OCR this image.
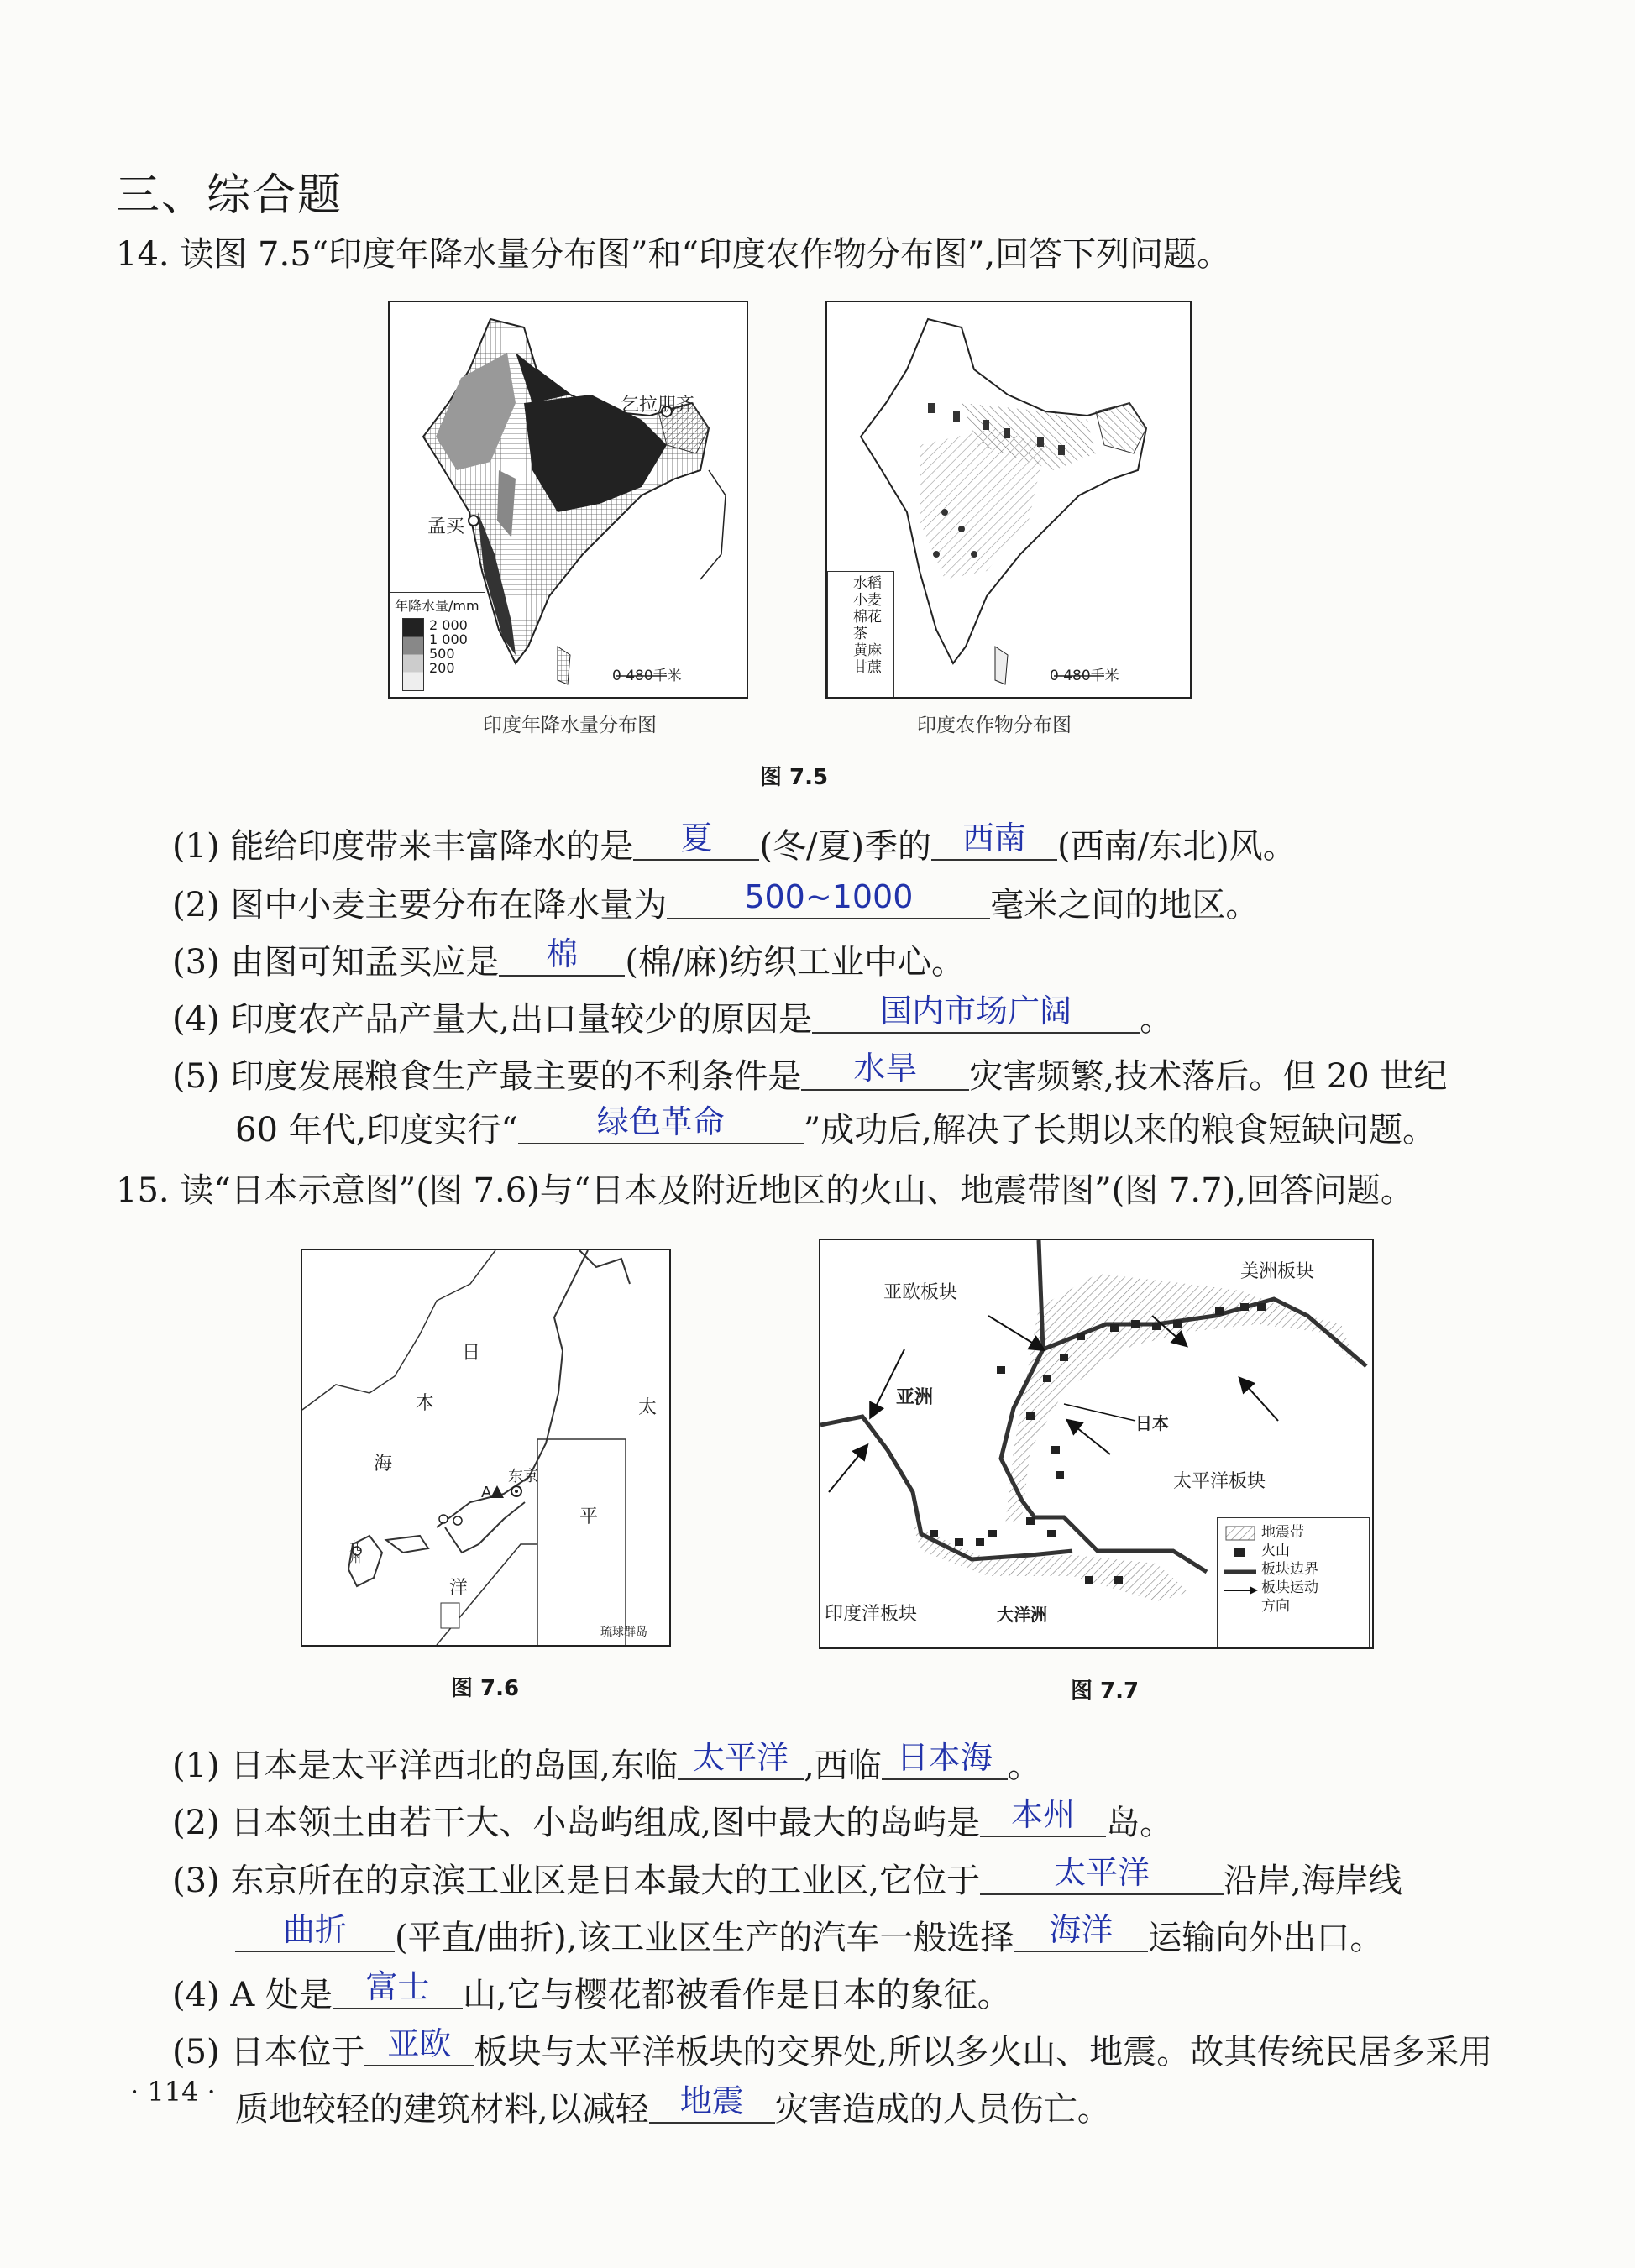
三、综合题
14. 读图 7.5“印度年降水量分布图”和“印度农作物分布图”,回答下列问题。
乞拉朋齐
孟买
0 480千米
年降水量/mm
2 000
1 000
500
200
印度年降水量分布图
水稻
小麦
棉花
茶
黄麻
甘蔗	0 480千米
印度农作物分布图
图 7.5
(1) 能给印度带来丰富降水的是 夏 (冬/夏)季的 西南 (西南/东北)风。
(2) 图中小麦主要分布在降水量为 500~1000 毫米之间的地区。
(3) 由图可知孟买应是 棉 (棉/麻)纺织工业中心。
(4) 印度农产品产量大,出口量较少的原因是 国内市场广阔 。
(5) 印度发展粮食生产最主要的不利条件是 水旱 灾害频繁,技术落后。但 20 世纪
60 年代,印度实行“ 绿色革命 ”成功后,解决了长期以来的粮食短缺问题。
15. 读“日本示意图”(图 7.6)与“日本及附近地区的火山、地震带图”(图 7.7),回答问题。
日
本
海
太
平
洋
东京
A
九州
琉球群岛
图 7.6
亚欧板块
美洲板块
亚洲
日本
太平洋板块
印度洋板块	大洋洲
地震带
火山
板块边界
板块运动方向
图 7.7
(1) 日本是太平洋西北的岛国,东临 太平洋 ,西临 日本海 。
(2) 日本领土由若干大、小岛屿组成,图中最大的岛屿是 本州 岛。
(3) 东京所在的京滨工业区是日本最大的工业区,它位于 太平洋 沿岸,海岸线
曲折 (平直/曲折),该工业区生产的汽车一般选择 海洋 运输向外出口。
(4) A 处是 富士 山,它与樱花都被看作是日本的象征。
(5) 日本位于 亚欧 板块与太平洋板块的交界处,所以多火山、地震。故其传统民居多采用
质地较轻的建筑材料,以减轻 地震 灾害造成的人员伤亡。
· 114 ·
